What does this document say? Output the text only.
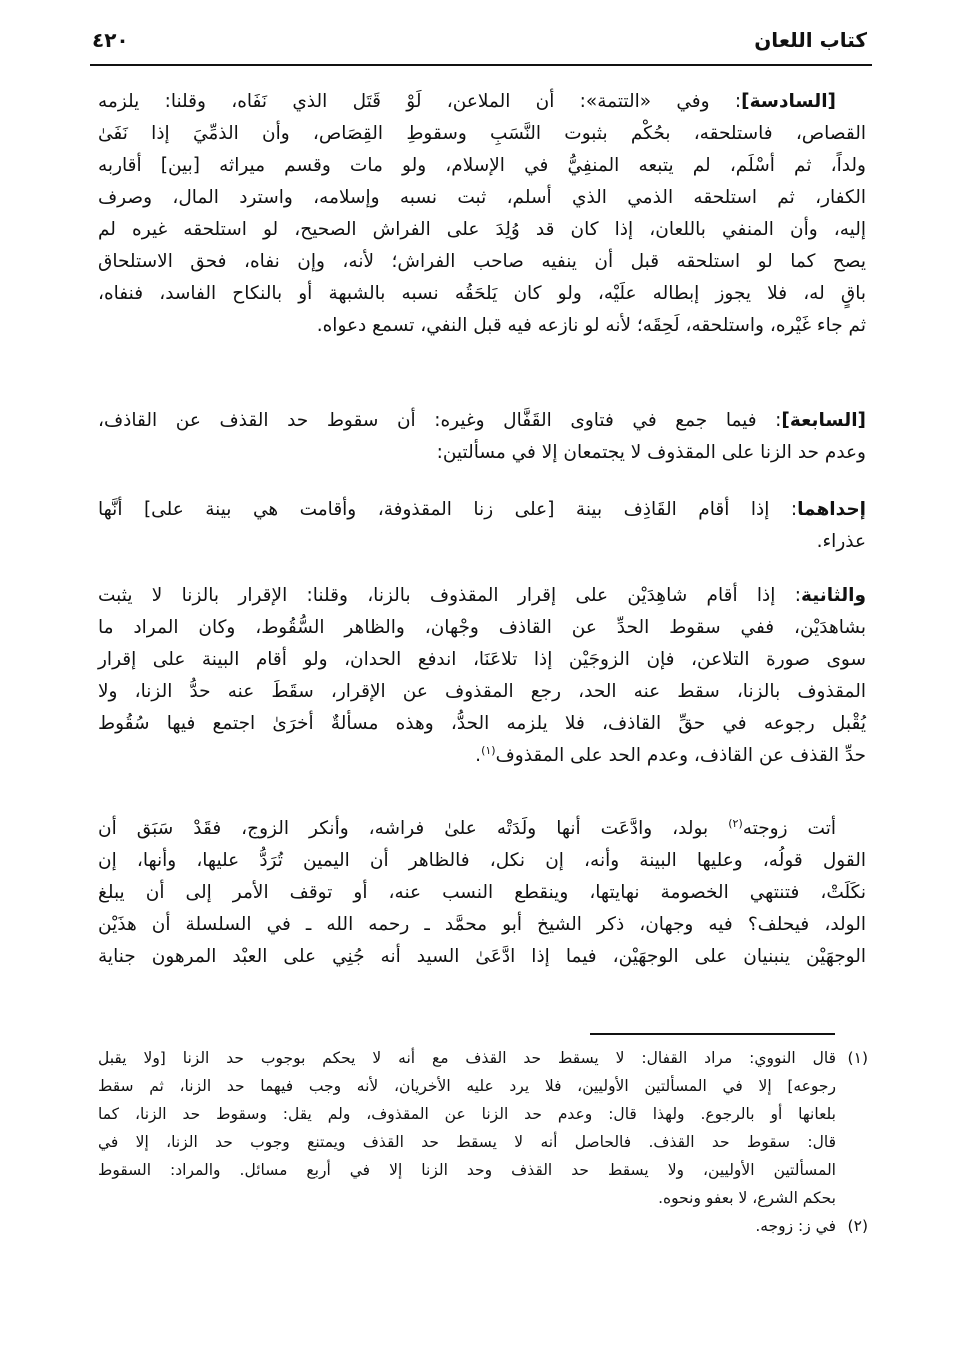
كتاب اللعان
٤٢٠
[السادسة]: وفي «التتمة»: أن الملاعن، لَوْ قَتَل الذي نَفَاه، وقلنا: يلزمه
القصاص، فاستلحقه، بحُكْم بثبوت النَّسَبِ وسقوطِ القِصَاص، وأن الذمِّيَ إذا نَفَىٰ
ولداً، ثم أسْلَم، لم يتبعه المنفِيُّ في الإسلام، ولو مات وقسم ميراثه [بين] أقاربه
الكفار، ثم استلحقه الذمي الذي أسلم، ثبت نسبه وإسلامه، واسترد المال، وصرف
إليه، وأن المنفي باللعان، إذا كان قد وُلِدَ على الفراش الصحيح، لو استلحقه غيره لم
يصح كما لو استلحقه قبل أن ينفيه صاحب الفراش؛ لأنه، وإن نفاه، فحق الاستلحاق
باقٍ له، فلا يجوز إبطاله علَيْه، ولو كان يَلحَقُه نسبه بالشبهة أو بالنكاح الفاسد، فنفاه،
ثم جاء غَيْره، واستلحقه، لَحِقَه؛ لأنه لو نازعه فيه قبل النفي، تسمع دعواه.
[السابعة]: فيما جمع في فتاوى القَفَّال وغيره: أن سقوط حد القذف عن القاذف،
وعدم حد الزنا على المقذوف لا يجتمعان إلا في مسألتين:
إحداهما: إذا أقام القَاذِف بينة [على زنا المقذوفة، وأقامت هي بينة على] أنَّها
عذراء.
والثانية: إذا أقام شاهِدَيْن على إقرار المقذوف بالزنا، وقلنا: الإقرار بالزنا لا يثبت
بشاهدَيْن، ففي سقوط الحدِّ عن القاذف وجْهان، والظاهر السُّقُوط، وكان المراد ما
سوى صورة التلاعن، فإن الزوجَيْن إذا تلاعَنَا، اندفع الحدان، ولو أقام البينة على إقرار
المقذوف بالزنا، سقط عنه الحد، رجع المقذوف عن الإقرار، سقَطَ عنه حدُّ الزنا، ولا
يُقْبل رجوعه في حقِّ القاذف، فلا يلزمه الحدُّ، وهذه مسألةٌ أخرَىٰ اجتمع فيها سُقُوط
حدِّ القذف عن القاذف، وعدم الحد على المقذوف$^{(١)}$.
أتت زوجته$^{(٢)}$ بولد، وادَّعَت أنها ولَدَتْه علىٰ فراشه، وأنكر الزوج، فقَدْ سَبَق أن
القول قولُه، وعليها البينة وأنه، إن نكل، فالظاهر أن اليمين تُرَدُّ عليها، وأنها، إن
نكَلَتْ، فتنتهي الخصومة نهايتها، وينقطع النسب عنه، أو توقف الأمر إلى أن يبلغ
الولد، فيحلف؟ فيه وجهان، ذكر الشيخ أبو محمَّد ـ رحمه الله ـ في السلسلة أن هذَيْن
الوجهَيْن ينبنيان على الوجهَيْن، فيما إذا ادَّعَىٰ السيد أنه جُنِي على العبْد المرهون جناية
(١)
قال النووي: مراد القفال: لا يسقط حد القذف مع أنه لا يحكم بوجوب حد الزنا [ولا يقبل
رجوعه] إلا في المسألتين الأوليين، فلا يرد عليه الأخريان، لأنه وجب فيهما حد الزنا، ثم سقط
بلعانها أو بالرجوع. ولهذا قال: وعدم حد الزنا عن المقذوف، ولم يقل: وسقوط حد الزنا، كما
قال: سقوط حد القذف. فالحاصل أنه لا يسقط حد القذف ويمتنع وجوب حد الزنا، إلا في
المسألتين الأوليين، ولا يسقط حد القذف وحد الزنا إلا في أربع مسائل. والمراد: السقوط
بحكم الشرع، لا بعفو ونحوه.
(٢)
في ز: زوجه.
